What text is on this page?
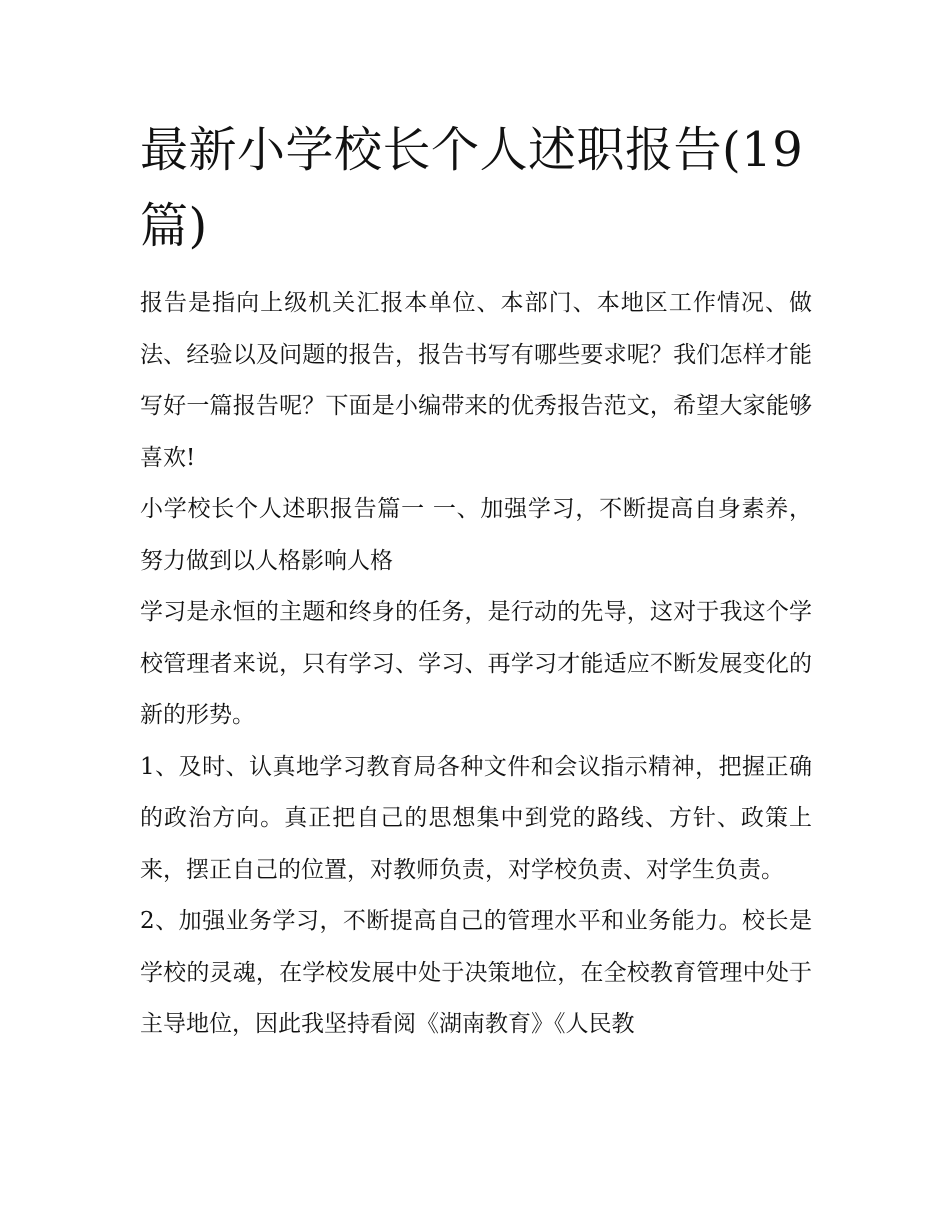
最新小学校长个人述职报告(19篇)

报告是指向上级机关汇报本单位、本部门、本地区工作情况、做法、经验以及问题的报告，报告书写有哪些要求呢？我们怎样才能写好一篇报告呢？下面是小编带来的优秀报告范文，希望大家能够喜欢!

小学校长个人述职报告篇一 一、加强学习，不断提高自身素养，努力做到以人格影响人格

学习是永恒的主题和终身的任务，是行动的先导，这对于我这个学校管理者来说，只有学习、学习、再学习才能适应不断发展变化的新的形势。

1、及时、认真地学习教育局各种文件和会议指示精神，把握正确的政治方向。真正把自己的思想集中到党的路线、方针、政策上来，摆正自己的位置，对教师负责，对学校负责、对学生负责。

2、加强业务学习，不断提高自己的管理水平和业务能力。校长是学校的灵魂，在学校发展中处于决策地位，在全校教育管理中处于主导地位，因此我坚持看阅《湖南教育》《人民教
